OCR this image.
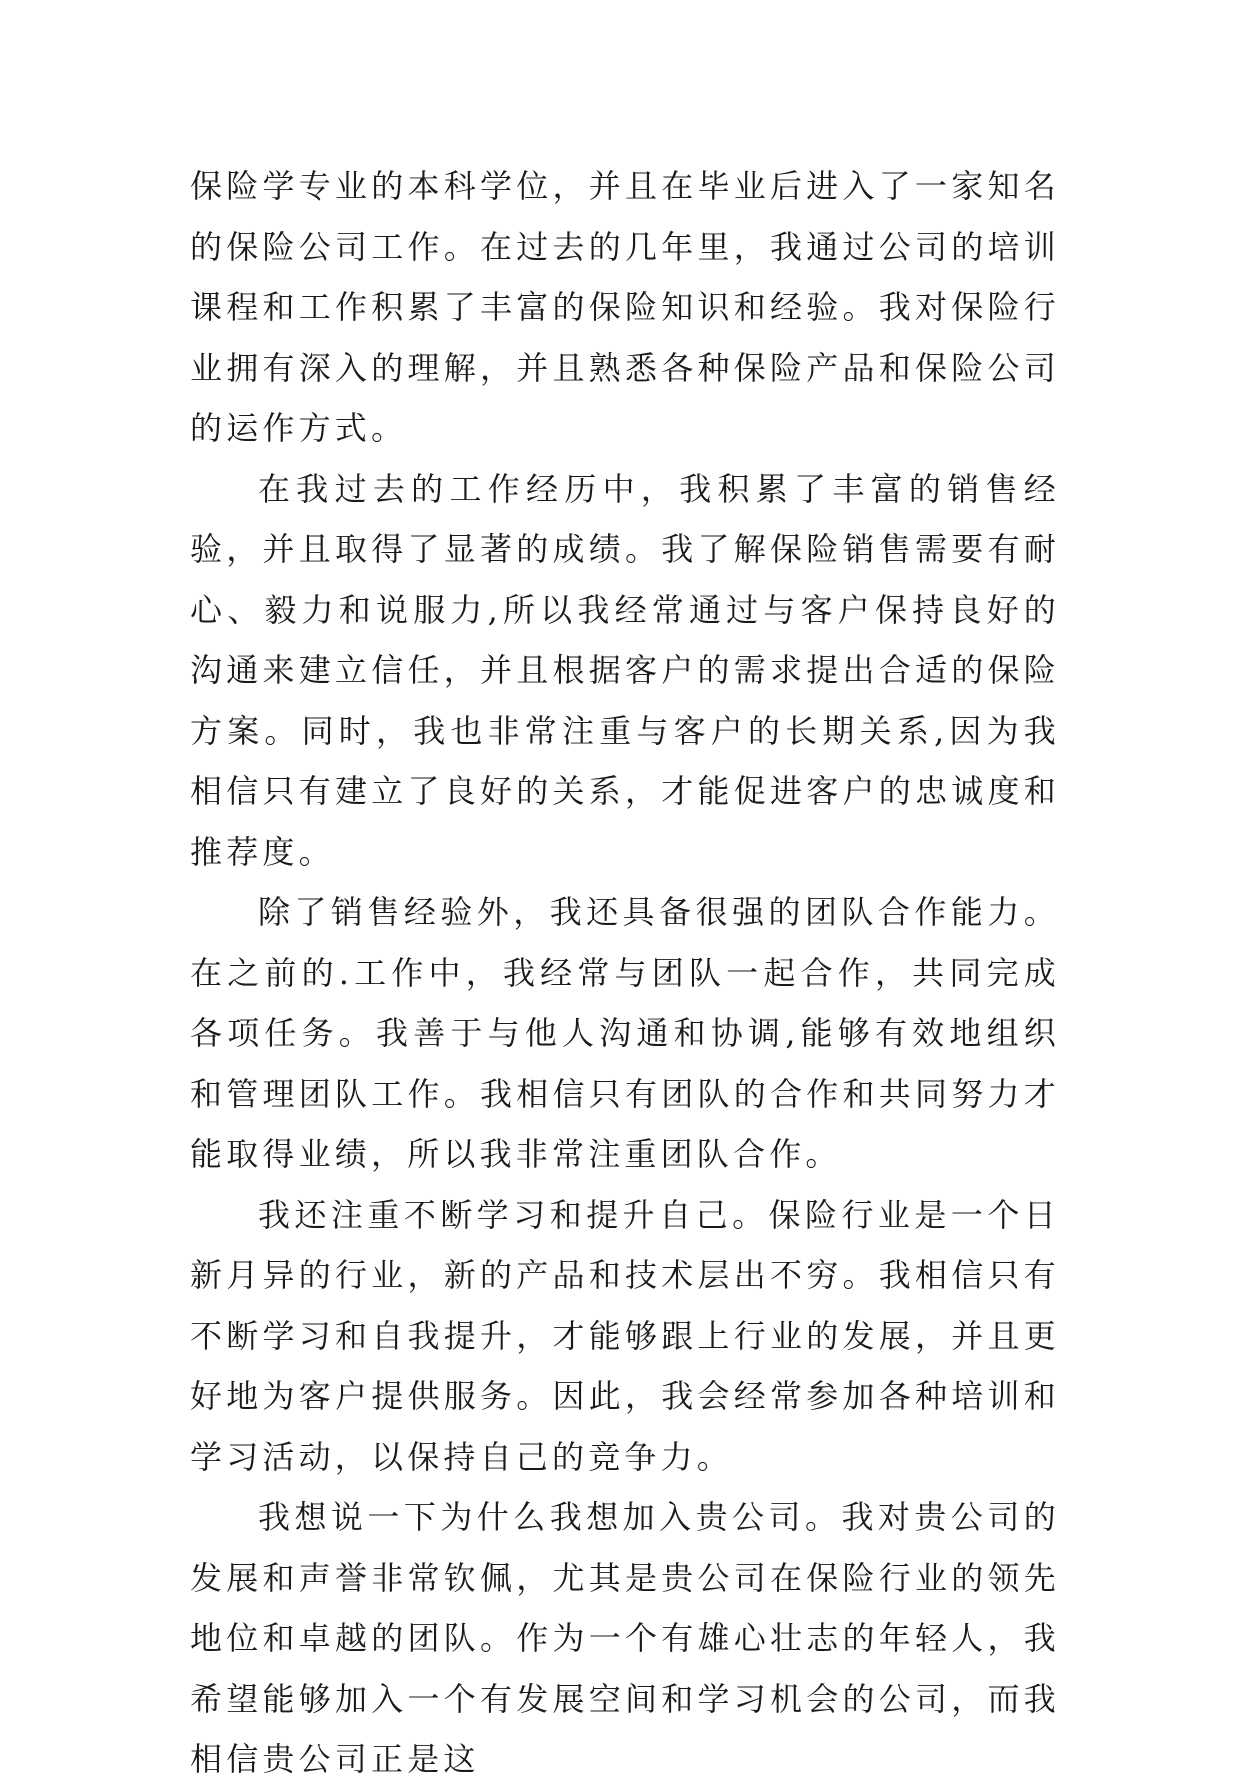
保险学专业的本科学位，并且在毕业后进入了一家知名的保险公司工作。在过去的几年里，我通过公司的培训课程和工作积累了丰富的保险知识和经验。我对保险行业拥有深入的理解，并且熟悉各种保险产品和保险公司的运作方式。

在我过去的工作经历中，我积累了丰富的销售经验，并且取得了显著的成绩。我了解保险销售需要有耐心、毅力和说服力,所以我经常通过与客户保持良好的沟通来建立信任，并且根据客户的需求提出合适的保险方案。同时，我也非常注重与客户的长期关系,因为我相信只有建立了良好的关系，才能促进客户的忠诚度和推荐度。

除了销售经验外，我还具备很强的团队合作能力。在之前的.工作中，我经常与团队一起合作，共同完成各项任务。我善于与他人沟通和协调,能够有效地组织和管理团队工作。我相信只有团队的合作和共同努力才能取得业绩，所以我非常注重团队合作。

我还注重不断学习和提升自己。保险行业是一个日新月异的行业，新的产品和技术层出不穷。我相信只有不断学习和自我提升，才能够跟上行业的发展，并且更好地为客户提供服务。因此，我会经常参加各种培训和学习活动，以保持自己的竞争力。

我想说一下为什么我想加入贵公司。我对贵公司的发展和声誉非常钦佩，尤其是贵公司在保险行业的领先地位和卓越的团队。作为一个有雄心壮志的年轻人，我希望能够加入一个有发展空间和学习机会的公司，而我相信贵公司正是这
